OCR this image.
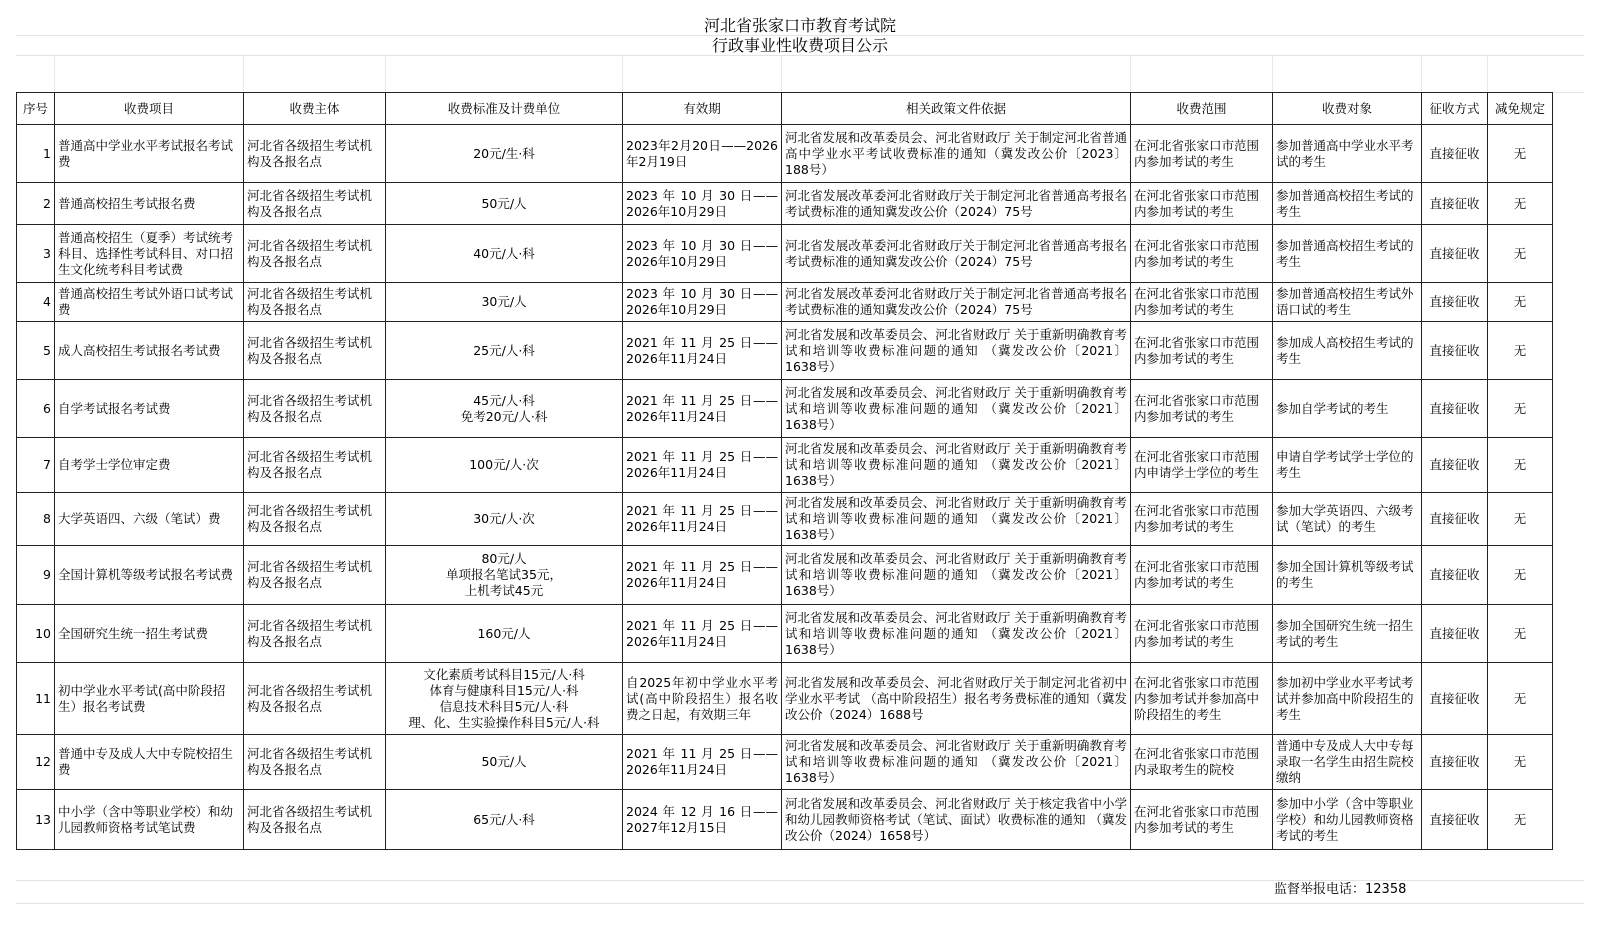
河北省张家口市教育考试院
行政事业性收费项目公示
序号	收费项目	收费主体	收费标准及计费单位	有效期	相关政策文件依据	收费范围	收费对象	征收方式	减免规定
1	普通高中学业水平考试报名考试费	河北省各级招生考试机构及各报名点	20元/生·科	2023年2月20日——2026年2月19日	河北省发展和改革委员会、河北省财政厅 关于制定河北省普通高中学业水平考试收费标准的通知（冀发改公价〔2023〕188号）	在河北省张家口市范围内参加考试的考生	参加普通高中学业水平考试的考生	直接征收	无
2	普通高校招生考试报名费	河北省各级招生考试机构及各报名点	50元/人	2023 年 10 月 30 日——2026年10月29日	河北省发展改革委河北省财政厅关于制定河北省普通高考报名考试费标准的通知冀发改公价（2024）75号	在河北省张家口市范围内参加考试的考生	参加普通高校招生考试的考生	直接征收	无
3	普通高校招生（夏季）考试统考科目、选择性考试科目、对口招生文化统考科目考试费	河北省各级招生考试机构及各报名点	40元/人·科	2023 年 10 月 30 日——2026年10月29日	河北省发展改革委河北省财政厅关于制定河北省普通高考报名考试费标准的通知冀发改公价（2024）75号	在河北省张家口市范围内参加考试的考生	参加普通高校招生考试的考生	直接征收	无
4	普通高校招生考试外语口试考试费	河北省各级招生考试机构及各报名点	30元/人	2023 年 10 月 30 日——2026年10月29日	河北省发展改革委河北省财政厅关于制定河北省普通高考报名考试费标准的通知冀发改公价（2024）75号	在河北省张家口市范围内参加考试的考生	参加普通高校招生考试外语口试的考生	直接征收	无
5	成人高校招生考试报名考试费	河北省各级招生考试机构及各报名点	25元/人·科	2021 年 11 月 25 日——2026年11月24日	河北省发展和改革委员会、河北省财政厅 关于重新明确教育考试和培训等收费标准问题的通知 （冀发改公价〔2021〕1638号）	在河北省张家口市范围内参加考试的考生	参加成人高校招生考试的考生	直接征收	无
6	自学考试报名考试费	河北省各级招生考试机构及各报名点	45元/人·科
免考20元/人·科	2021 年 11 月 25 日——2026年11月24日	河北省发展和改革委员会、河北省财政厅 关于重新明确教育考试和培训等收费标准问题的通知 （冀发改公价〔2021〕1638号）	在河北省张家口市范围内参加考试的考生	参加自学考试的考生	直接征收	无
7	自考学士学位审定费	河北省各级招生考试机构及各报名点	100元/人·次	2021 年 11 月 25 日——2026年11月24日	河北省发展和改革委员会、河北省财政厅 关于重新明确教育考试和培训等收费标准问题的通知 （冀发改公价〔2021〕1638号）	在河北省张家口市范围内申请学士学位的考生	申请自学考试学士学位的考生	直接征收	无
8	大学英语四、六级（笔试）费	河北省各级招生考试机构及各报名点	30元/人·次	2021 年 11 月 25 日——2026年11月24日	河北省发展和改革委员会、河北省财政厅 关于重新明确教育考试和培训等收费标准问题的通知 （冀发改公价〔2021〕1638号）	在河北省张家口市范围内参加考试的考生	参加大学英语四、六级考试（笔试）的考生	直接征收	无
9	全国计算机等级考试报名考试费	河北省各级招生考试机构及各报名点	80元/人
单项报名笔试35元，
上机考试45元	2021 年 11 月 25 日——2026年11月24日	河北省发展和改革委员会、河北省财政厅 关于重新明确教育考试和培训等收费标准问题的通知 （冀发改公价〔2021〕1638号）	在河北省张家口市范围内参加考试的考生	参加全国计算机等级考试的考生	直接征收	无
10	全国研究生统一招生考试费	河北省各级招生考试机构及各报名点	160元/人	2021 年 11 月 25 日——2026年11月24日	河北省发展和改革委员会、河北省财政厅 关于重新明确教育考试和培训等收费标准问题的通知 （冀发改公价〔2021〕1638号）	在河北省张家口市范围内参加考试的考生	参加全国研究生统一招生考试的考生	直接征收	无
11	初中学业水平考试(高中阶段招生）报名考试费	河北省各级招生考试机构及各报名点	文化素质考试科目15元/人·科
体育与健康科目15元/人·科
信息技术科目5元/人·科
理、化、生实验操作科目5元/人·科	自2025年初中学业水平考试(高中阶段招生）报名收费之日起，有效期三年	河北省发展和改革委员会、河北省财政厅关于制定河北省初中学业水平考试 （高中阶段招生）报名考务费标准的通知（冀发改公价（2024）1688号	在河北省张家口市范围内参加考试并参加高中阶段招生的考生	参加初中学业水平考试考试并参加高中阶段招生的考生	直接征收	无
12	普通中专及成人大中专院校招生费	河北省各级招生考试机构及各报名点	50元/人	2021 年 11 月 25 日——2026年11月24日	河北省发展和改革委员会、河北省财政厅 关于重新明确教育考试和培训等收费标准问题的通知 （冀发改公价〔2021〕1638号）	在河北省张家口市范围内录取考生的院校	普通中专及成人大中专每录取一名学生由招生院校缴纳	直接征收	无
13	中小学（含中等职业学校）和幼儿园教师资格考试笔试费	河北省各级招生考试机构及各报名点	65元/人·科	2024 年 12 月 16 日——2027年12月15日	河北省发展和改革委员会、河北省财政厅 关于核定我省中小学和幼儿园教师资格考试（笔试、面试）收费标准的通知 （冀发改公价（2024）1658号）	在河北省张家口市范围内参加考试的考生	参加中小学（含中等职业学校）和幼儿园教师资格考试的考生	直接征收	无
监督举报电话：12358
